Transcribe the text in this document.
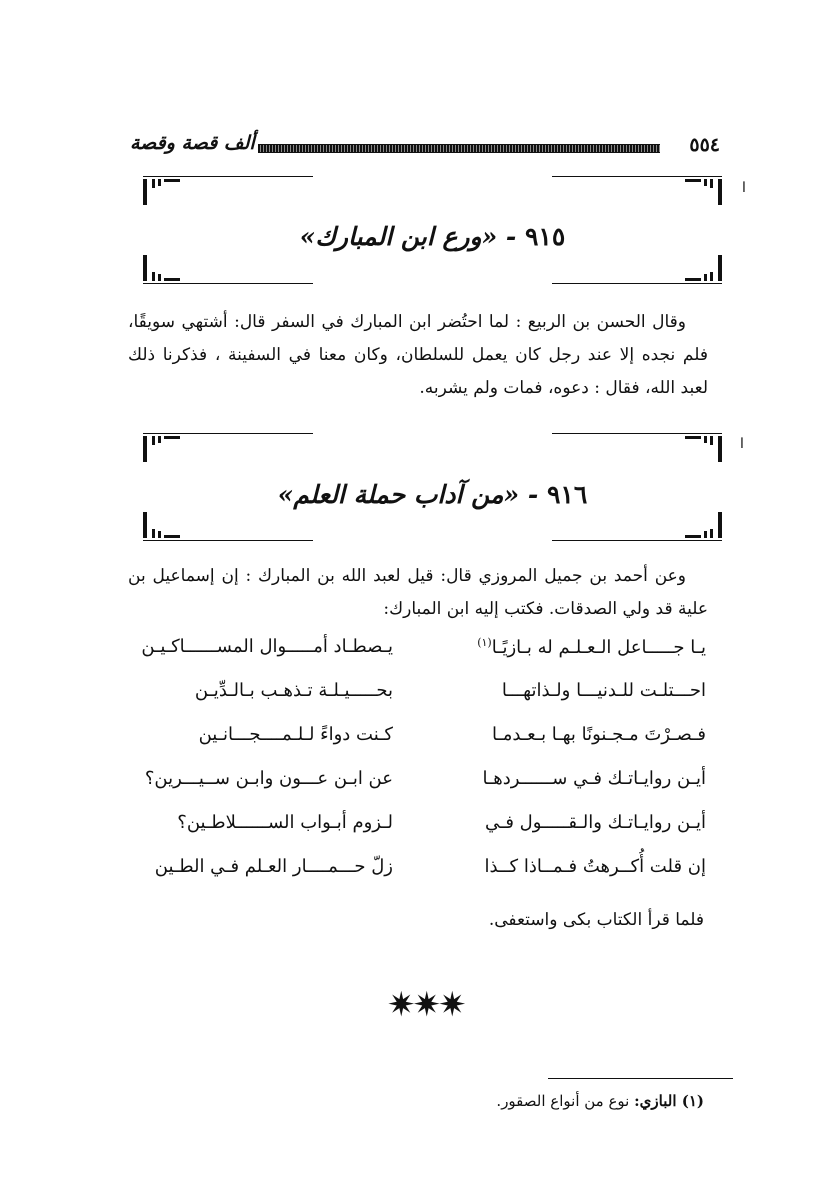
٥٥٤
ألف قصة وقصة
٩١٥ - «ورع ابن المبارك»

وقال الحسن بن الربيع : لما احتُضر ابن المبارك في السفر قال: أشتهي سويقًا، فلم نجده إلا عند رجل كان يعمل للسلطان، وكان معنا في السفينة ، فذكرنا ذلك لعبد الله، فقال : دعوه، فمات ولم يشربه.

٩١٦ - «من آداب حملة العلم»

وعن أحمد بن جميل المروزي قال: قيل لعبد الله بن المبارك : إن إسماعيل بن علية قد ولي الصدقات. فكتب إليه ابن المبارك:

يـا جـــــاعل الـعـلـم له بـازيًـا$^{(١)}$
يـصطـاد أمـــــوال المســــــاكـيـن
احـــتلـت للـدنيـــا ولـذاتهـــا
بحـــــيـلـة تـذهـب بـالـدِّيـن
فـصـرْتَ مـجـنونًا بهـا بـعـدمـا
كـنت دواءً لـلـمــــجـــانـين
أيـن روايـاتـك فـي ســــــردهـا
عن ابـن عـــون وابـن ســيـــرين؟
أيـن روايـاتـك والـقـــــول فـي
لـزوم أبـواب الســــــلاطـين؟
إن قلت أُكــرهتُ فـمــاذا كــذا
زلّ حـــمــــار العـلم فـي الطـين
فلما قرأ الكتاب بكى واستعفى.
✷✷✷
(١) البازي: نوع من أنواع الصقور.
ا
ا
